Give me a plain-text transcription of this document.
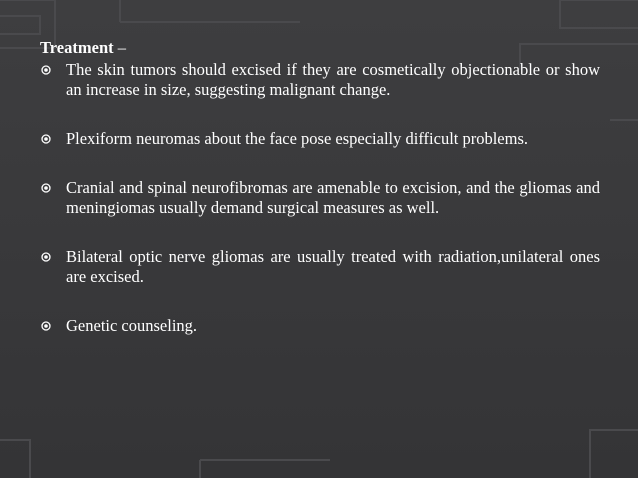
Treatment –
The skin tumors should excised if they are cosmetically objectionable or show an increase in size, suggesting malignant change.
Plexiform neuromas about the face pose especially difficult problems.
Cranial and spinal neurofibromas are amenable to excision, and the gliomas and meningiomas usually demand surgical measures as well.
Bilateral optic nerve gliomas are usually treated with radiation,unilateral ones are excised.
Genetic counseling.
